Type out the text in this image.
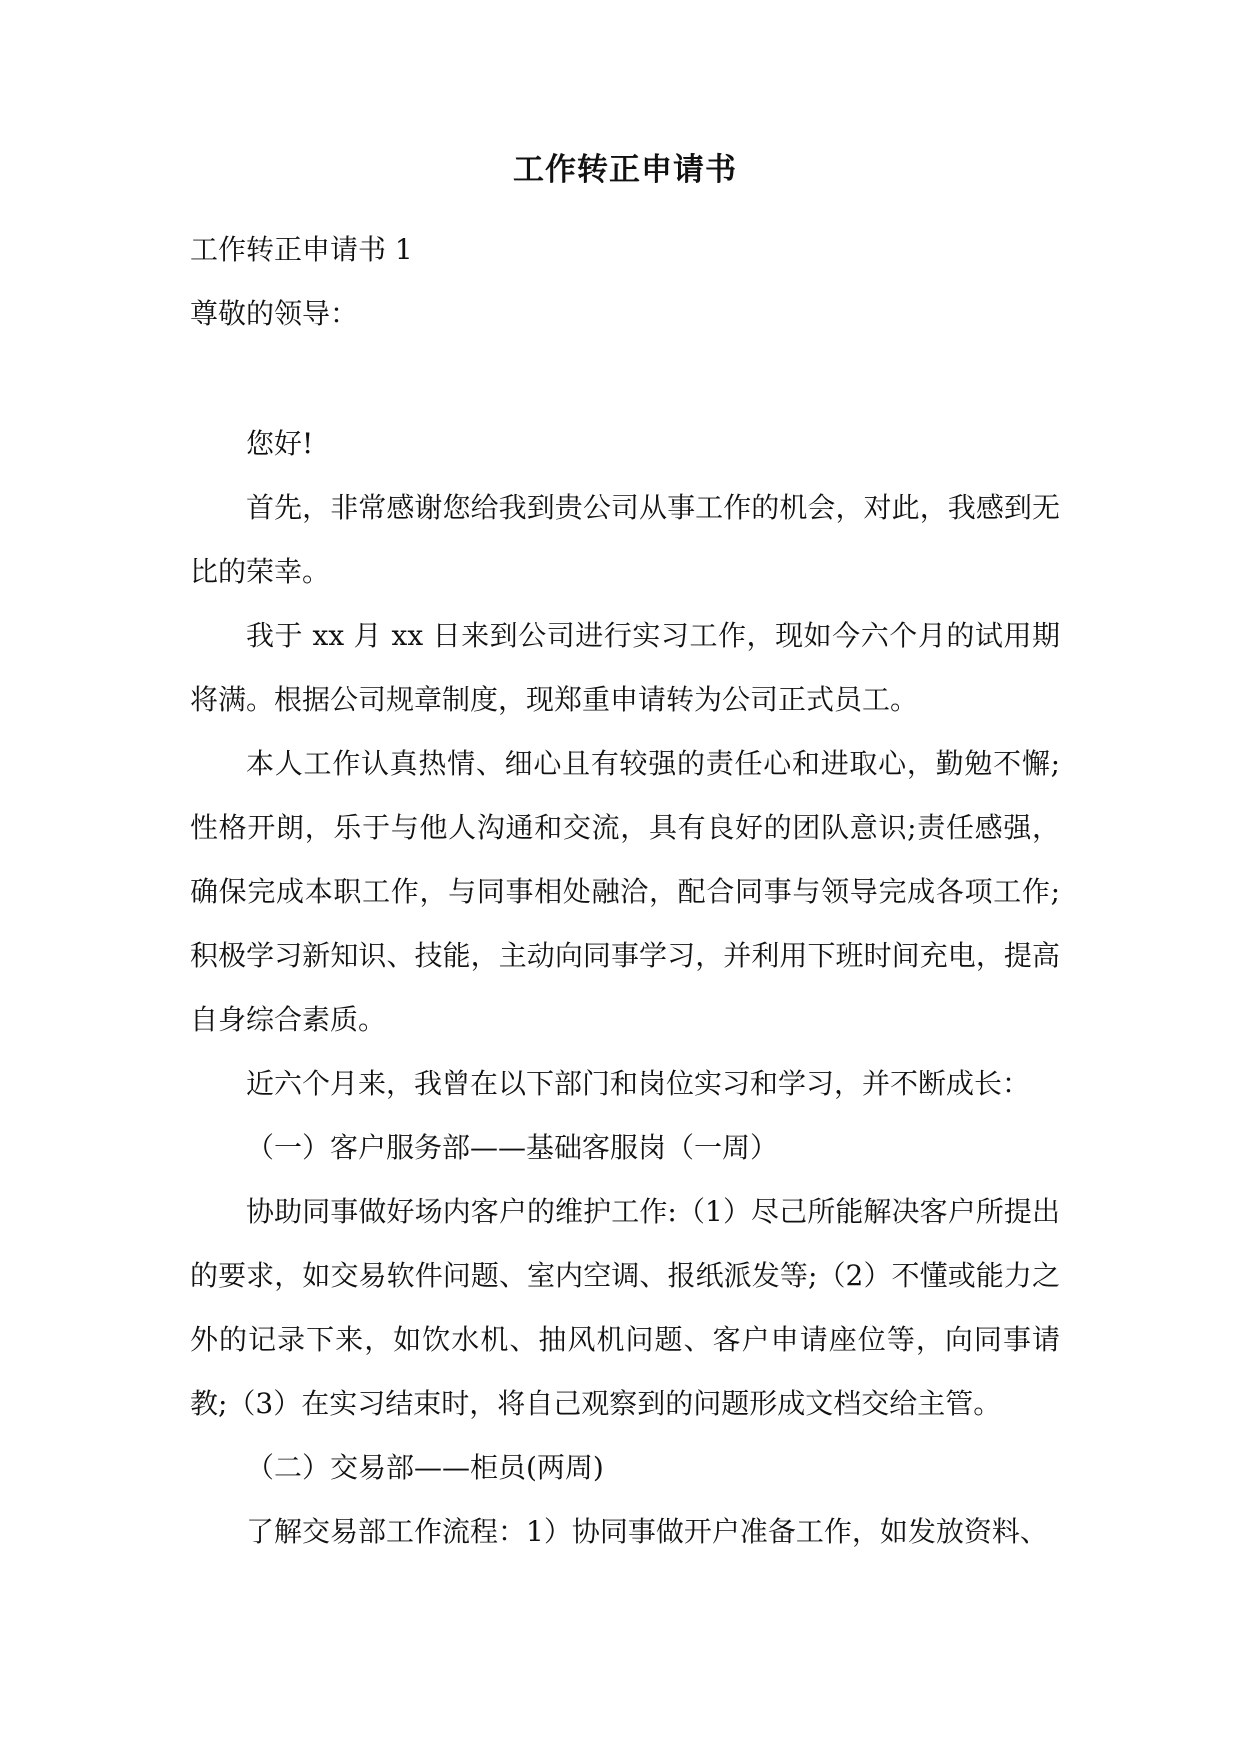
工作转正申请书

工作转正申请书 1

尊敬的领导：

您好!

首先，非常感谢您给我到贵公司从事工作的机会，对此，我感到无比的荣幸。

我于 xx 月 xx 日来到公司进行实习工作，现如今六个月的试用期将满。根据公司规章制度，现郑重申请转为公司正式员工。

本人工作认真热情、细心且有较强的责任心和进取心，勤勉不懈;性格开朗，乐于与他人沟通和交流，具有良好的团队意识;责任感强，确保完成本职工作，与同事相处融洽，配合同事与领导完成各项工作;积极学习新知识、技能，主动向同事学习，并利用下班时间充电，提高自身综合素质。

近六个月来，我曾在以下部门和岗位实习和学习，并不断成长：

（一）客户服务部——基础客服岗（一周）

协助同事做好场内客户的维护工作:（1）尽己所能解决客户所提出的要求，如交易软件问题、室内空调、报纸派发等;（2）不懂或能力之外的记录下来，如饮水机、抽风机问题、客户申请座位等，向同事请教;（3）在实习结束时，将自己观察到的问题形成文档交给主管。

（二）交易部——柜员(两周)

了解交易部工作流程：1）协同事做开户准备工作，如发放资料、
